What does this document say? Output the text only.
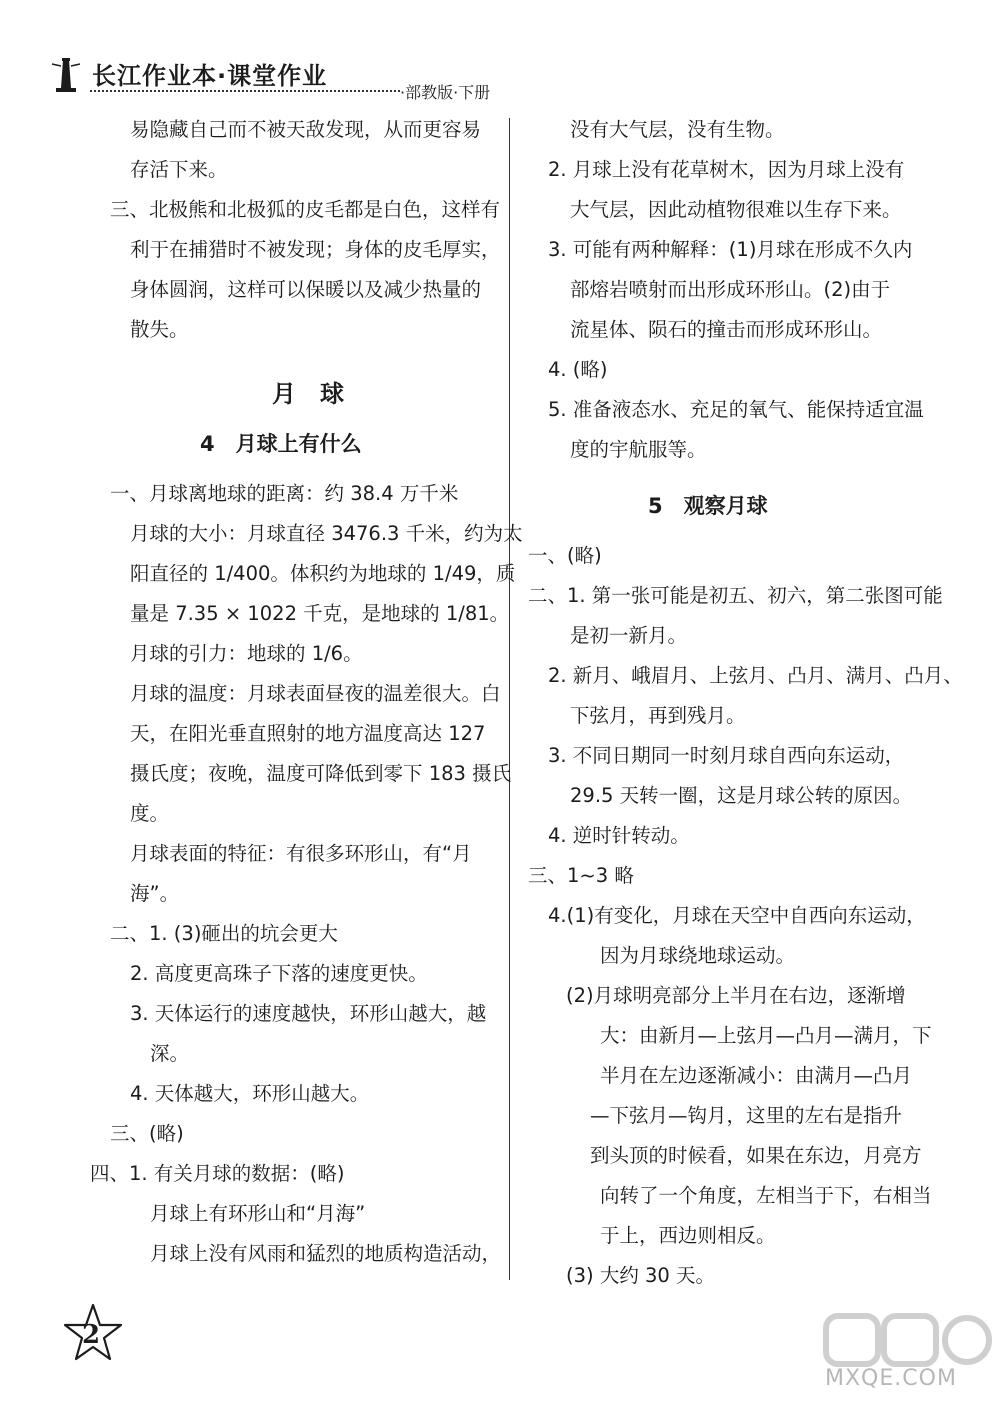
长江作业本·课堂作业
·部教版·下册
易隐藏自己而不被天敌发现，从而更容易
存活下来。
三、北极熊和北极狐的皮毛都是白色，这样有
利于在捕猎时不被发现；身体的皮毛厚实，
身体圆润，这样可以保暖以及减少热量的
散失。
月　球
4　月球上有什么
一、月球离地球的距离：约 38.4 万千米
月球的大小：月球直径 3476.3 千米，约为太
阳直径的 1/400。体积约为地球的 1/49，质
量是 7.35 × 1022 千克，是地球的 1/81。
月球的引力：地球的 1/6。
月球的温度：月球表面昼夜的温差很大。白
天，在阳光垂直照射的地方温度高达 127
摄氏度；夜晚，温度可降低到零下 183 摄氏
度。
月球表面的特征：有很多环形山，有“月
海”。
二、1. (3)砸出的坑会更大
2. 高度更高珠子下落的速度更快。
3. 天体运行的速度越快，环形山越大，越
深。
4. 天体越大，环形山越大。
三、(略)
四、1. 有关月球的数据：(略)
月球上有环形山和“月海”
月球上没有风雨和猛烈的地质构造活动，
没有大气层，没有生物。
2. 月球上没有花草树木，因为月球上没有
大气层，因此动植物很难以生存下来。
3. 可能有两种解释：(1)月球在形成不久内
部熔岩喷射而出形成环形山。(2)由于
流星体、陨石的撞击而形成环形山。
4. (略)
5. 准备液态水、充足的氧气、能保持适宜温
度的宇航服等。
5　观察月球
一、(略)
二、1. 第一张可能是初五、初六，第二张图可能
是初一新月。
2. 新月、峨眉月、上弦月、凸月、满月、凸月、
下弦月，再到残月。
3. 不同日期同一时刻月球自西向东运动，
29.5 天转一圈，这是月球公转的原因。
4. 逆时针转动。
三、1~3 略
4.(1)有变化，月球在天空中自西向东运动，
因为月球绕地球运动。
(2)月球明亮部分上半月在右边，逐渐增
大：由新月—上弦月—凸月—满月，下
半月在左边逐渐减小：由满月—凸月
—下弦月—钩月，这里的左右是指升
到头顶的时候看，如果在东边，月亮方
向转了一个角度，左相当于下，右相当
于上，西边则相反。
(3) 大约 30 天。
2
MXQE.COM
